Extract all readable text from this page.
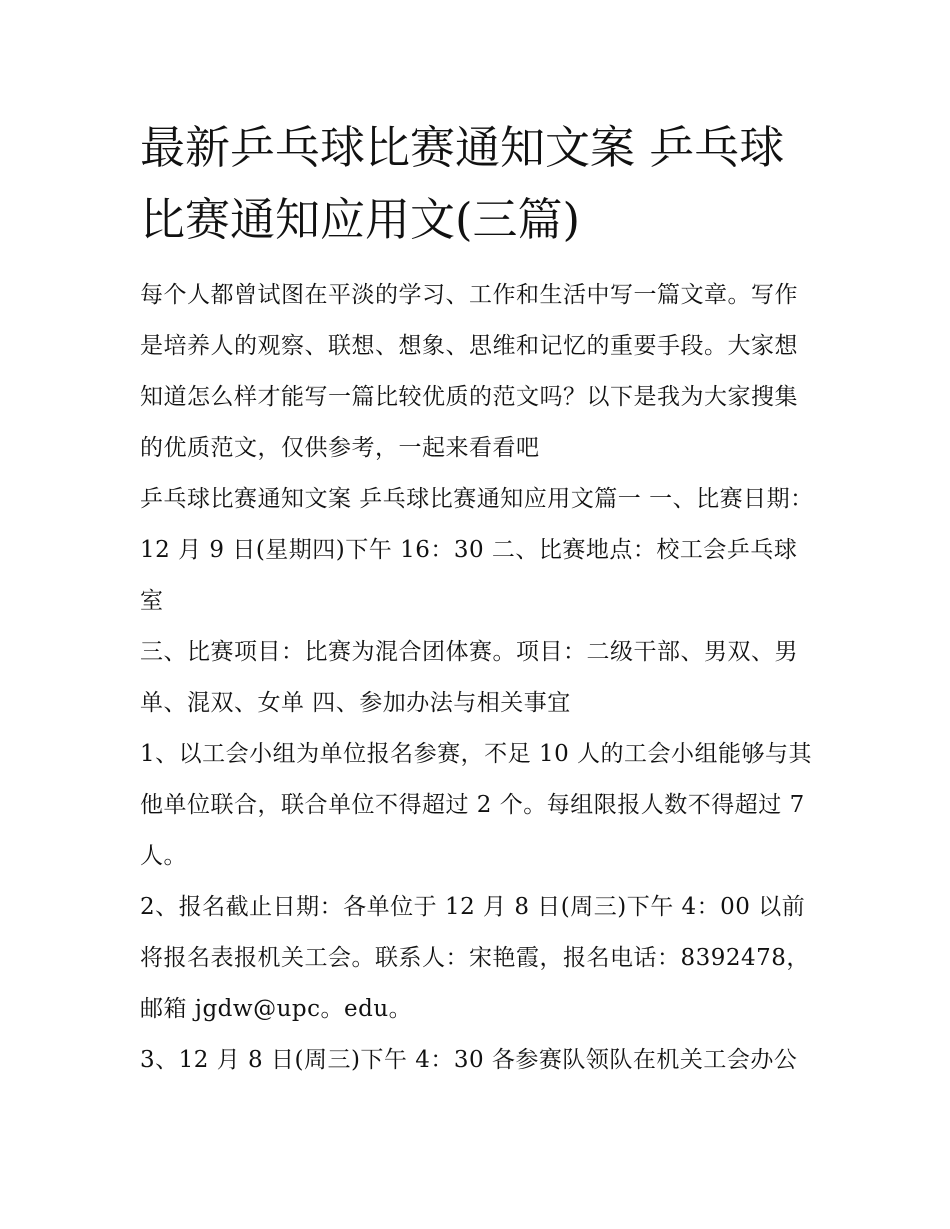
最新乒乓球比赛通知文案 乒乓球比赛通知应用文(三篇)

每个人都曾试图在平淡的学习、工作和生活中写一篇文章。写作是培养人的观察、联想、想象、思维和记忆的重要手段。大家想知道怎么样才能写一篇比较优质的范文吗？以下是我为大家搜集的优质范文，仅供参考，一起来看看吧

乒乓球比赛通知文案 乒乓球比赛通知应用文篇一 一、比赛日期：12 月 9 日(星期四)下午 16：30 二、比赛地点：校工会乒乓球室

三、比赛项目：比赛为混合团体赛。项目：二级干部、男双、男单、混双、女单 四、参加办法与相关事宜

1、以工会小组为单位报名参赛，不足 10 人的工会小组能够与其他单位联合，联合单位不得超过 2 个。每组限报人数不得超过 7 人。

2、报名截止日期：各单位于 12 月 8 日(周三)下午 4：00 以前将报名表报机关工会。联系人：宋艳霞，报名电话：8392478，邮箱 jgdw@upc。edu。

3、12 月 8 日(周三)下午 4：30 各参赛队领队在机关工会办公
